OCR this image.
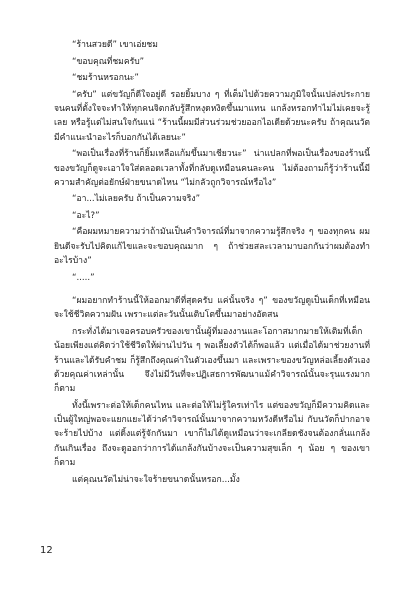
“ร้านสวยดี” เขาเอ่ยชม

“ขอบคุณที่ชมครับ”

“ชมร้านหรอกนะ”

“ครับ” แต่ขวัญก็ดีใจอยู่ดี รอยยิ้มบาง ๆ ที่เต็มไปด้วยความภูมิใจนั้นเปล่งประกายจนคนที่ตั้งใจจะทำให้ทุกคนจิตกลับรู้สึกหงุดหงิดขึ้นมาแทน แกล้งหรอกทำไมไม่เคยจะรู้เลย หรือรู้แต่ไม่สนใจกันแน่ “ร้านนี้ผมมีส่วนร่วมช่วยออกไอเดียด้วยนะครับ ถ้าคุณนวัตมีคำแนะนำอะไรก็บอกกันได้เลยนะ”

“พอเป็นเรื่องที่ร้านก็ยิ้มเหลือแก้มขึ้นมาเชียวนะ” น่าแปลกที่พอเป็นเรื่องของร้านนี้ ของขวัญก็ดูจะเอาใจใส่ตลอดเวลาทั้งที่กลับดูเหมือนคนละคน ไม่ต้องถามก็รู้ว่าร้านนี้มีความสำคัญต่อยักษ์ฝ่ายขนาดไหน “ไม่กลัวถูกวิจารณ์หรือไง”

“อา...ไม่เลยครับ ถ้าเป็นความจริง”

“อะไ?”

“คือผมหมายความว่าถ้ามันเป็นคำวิจารณ์ที่มาจากความรู้สึกจริง ๆ ของทุกคน ผมยินดีจะรับไปคิดแก้ไขและจะขอบคุณมาก ๆ ถ้าช่วยสละเวลามาบอกกันว่าผมต้องทำอะไรบ้าง”

“.....”

“ผมอยากทำร้านนี้ให้ออกมาดีที่สุดครับ แค่นั้นจริง ๆ” ของขวัญดูเป็นเด็กที่เหมือนจะใช้ชีวิตความฝัน เพราะแต่ละวันนั้นเติบโตขึ้นมาอย่างอัดสน

กระทั่งได้มาเจอครอบครัวของเขานั้นผู้ที่มองงานและโอกาสมากมายให้เติมที่เด็กน้อยเพียงแต่คิดว่าใช้ชีวิตให้ผ่านไปวัน ๆ พอเลี้ยงตัวได้ก็พอแล้ว แต่เมื่อได้มาช่วยงานที่ร้านและได้รับคำชม ก็รู้สึกถึงคุณค่าในตัวเองขึ้นมา และเพราะของขวัญหล่อเลี้ยงตัวเองด้วยคุณค่าเหล่านั้น จึงไม่มีวันที่จะปฏิเสธการพัฒนาแม้คำวิจารณ์นั้นจะรุนแรงมากก็ตาม

ทั้งนี้เพราะต่อให้เด็กคนไหน และต่อให้ไม่รู้ใครเท่าไร แต่ของขวัญก็มีความคิดและเป็นผู้ใหญ่พอจะแยกแยะได้ว่าคำวิจารณ์นั้นมาจากความหวังดีหรือไม่ กับนวัตก็ปากอาจจะร้ายไปบ้าง แต่ดิ้งแต่รู้จักกันมา เขาก็ไม่ได้ดูเหมือนว่าจะเกลียดชังจนต้องกลั่นแกล้งกันเกินเรื่อง ถึงจะดูออกว่าการได้แกล้งกันบ้างจะเป็นความสุขเล็ก ๆ น้อย ๆ ของเขาก็ตาม

แต่คุณนวัตไม่น่าจะใจร้ายขนาดนั้นหรอก...มั้ง

12
